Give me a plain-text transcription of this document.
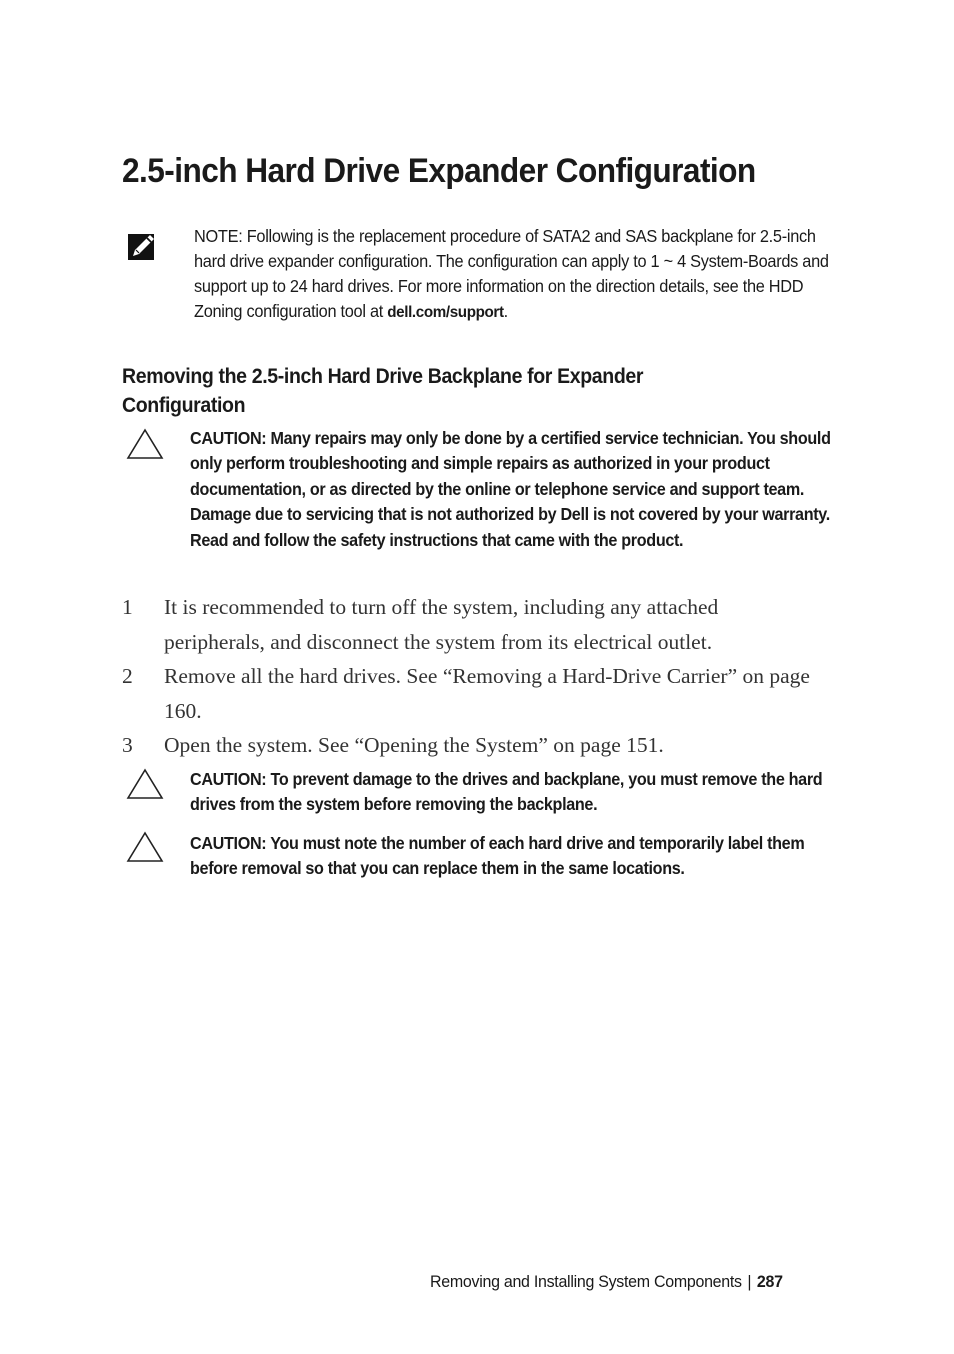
2.5-inch Hard Drive Expander Configuration
NOTE: Following is the replacement procedure of SATA2 and SAS backplane for 2.5-inch hard drive expander configuration. The configuration can apply to 1 ~ 4 System-Boards and support up to 24 hard drives. For more information on the direction details, see the HDD Zoning configuration tool at dell.com/support.
Removing the 2.5-inch Hard Drive Backplane for Expander Configuration
CAUTION: Many repairs may only be done by a certified service technician. You should only perform troubleshooting and simple repairs as authorized in your product documentation, or as directed by the online or telephone service and support team. Damage due to servicing that is not authorized by Dell is not covered by your warranty. Read and follow the safety instructions that came with the product.
1 It is recommended to turn off the system, including any attached peripherals, and disconnect the system from its electrical outlet.
2 Remove all the hard drives. See “Removing a Hard-Drive Carrier” on page 160.
3 Open the system. See “Opening the System” on page 151.
CAUTION: To prevent damage to the drives and backplane, you must remove the hard drives from the system before removing the backplane.
CAUTION: You must note the number of each hard drive and temporarily label them before removal so that you can replace them in the same locations.
Removing and Installing System Components | 287
